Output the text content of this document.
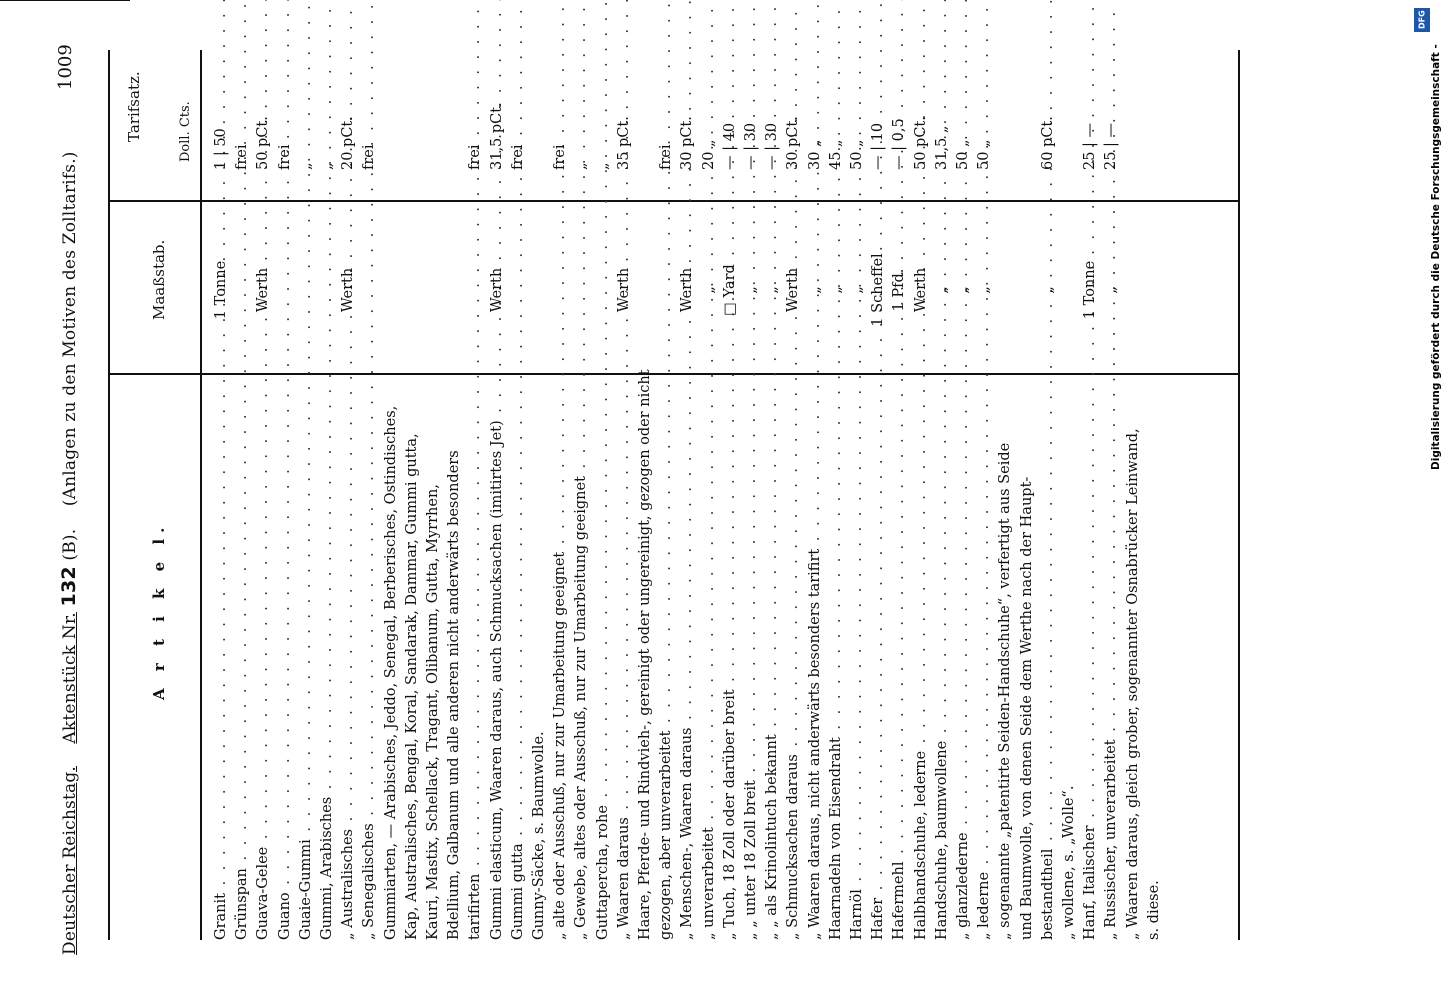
1009
Deutscher Reichstag.    Aktenstück Nr. 132 (B).    (Anlagen zu den Motiven des Zolltarifs.)
A r t i k e l.
Maaßstab.
Tarifsatz.	Doll. Cts.
Granit . . .
1 Tonne
1 | 50
Grünspan . . .
frei
Guava-Gelee . . .
Werth
50 pCt.
Guano . . .
frei
Guaie-Gummi . . .
„
Gummi, Arabisches . . .
„
„ Australisches . . .
Werth
20 pCt.
„ Senegalisches . . .
frei
Gummiarten, — Arabisches, Jeddo, Senegal, Berberisches, Ostindisches, Kap, Australisches, Bengal, Koral, Sandarak, Dammar, Gummi gutta, Kauri, Mastix, Schellack, Tragant, Olibanum, Gutta, Myrrhen, Bdellium, Galbanum und alle anderen nicht anderwärts besonders tarifirten . . .
frei
Gummi elasticum, Waaren daraus, auch Schmucksachen (imitirtes Jet) . . .
Werth
31,5 pCt.
Gummi gutta . . .
frei
Gunny-Säcke, s. Baumwolle. „ alte oder Ausschuß, nur zur Umarbeitung geeignet . . .
frei
„ Gewebe, altes oder Ausschuß, nur zur Umarbeitung geeignet . . .
„
Guttapercha, rohe . . .
„
„ Waaren daraus . . .
Werth
35 pCt.
Haare, Pferde- und Rindvieh-, gereinigt oder ungereinigt, gezogen oder nicht gezogen, aber unverarbeitet . . .
frei
„ Menschen-, Waaren daraus . . .
Werth
30 pCt.
„ unverarbeitet . . .
„
20 „
„ Tuch, 18 Zoll oder darüber breit . . .
□ Yard
— | 40
„ „ unter 18 Zoll breit . . .
„
— | 30
„ „ als Krinolintuch bekannt . . .
„
— | 30
„ Schmucksachen daraus . . .
Werth
30 pCt.
„ Waaren daraus, nicht anderwärts besonders tarifirt . . .
„
30 „
Haarnadeln von Eisendraht . . .
„
45 „
Harnöl . . .
„
50 „
Hafer . . .
1 Scheffel
— | 10
Hafermehl . . .
1 Pfd.
— | 0,5
Halbhandschuhe, lederne . . .
Werth
50 pCt.
Handschuhe, baumwollene . . .
„
31,5 „
„ glanzlederne . . .
„
50 „
„ lederne . . .
„
50 „
„ sogenannte „patentirte Seiden-Handschuhe“, verfertigt aus Seide und Baumwolle, von denen Seide dem Werthe nach der Haupt- bestandtheil . . .
„
60 pCt.
„ wollene, s. „Wolle“. Hanf, Italischer . . .
1 Tonne
25 | —
„ Russischer, unverarbeitet . . .
„
25 | —
„ Waaren daraus, gleich grober, sogenannter Osnabrücker Leinwand, s. diese.
Digitalisierung gefördert durch die Deutsche Forschungsgemeinschaft -
DFG
